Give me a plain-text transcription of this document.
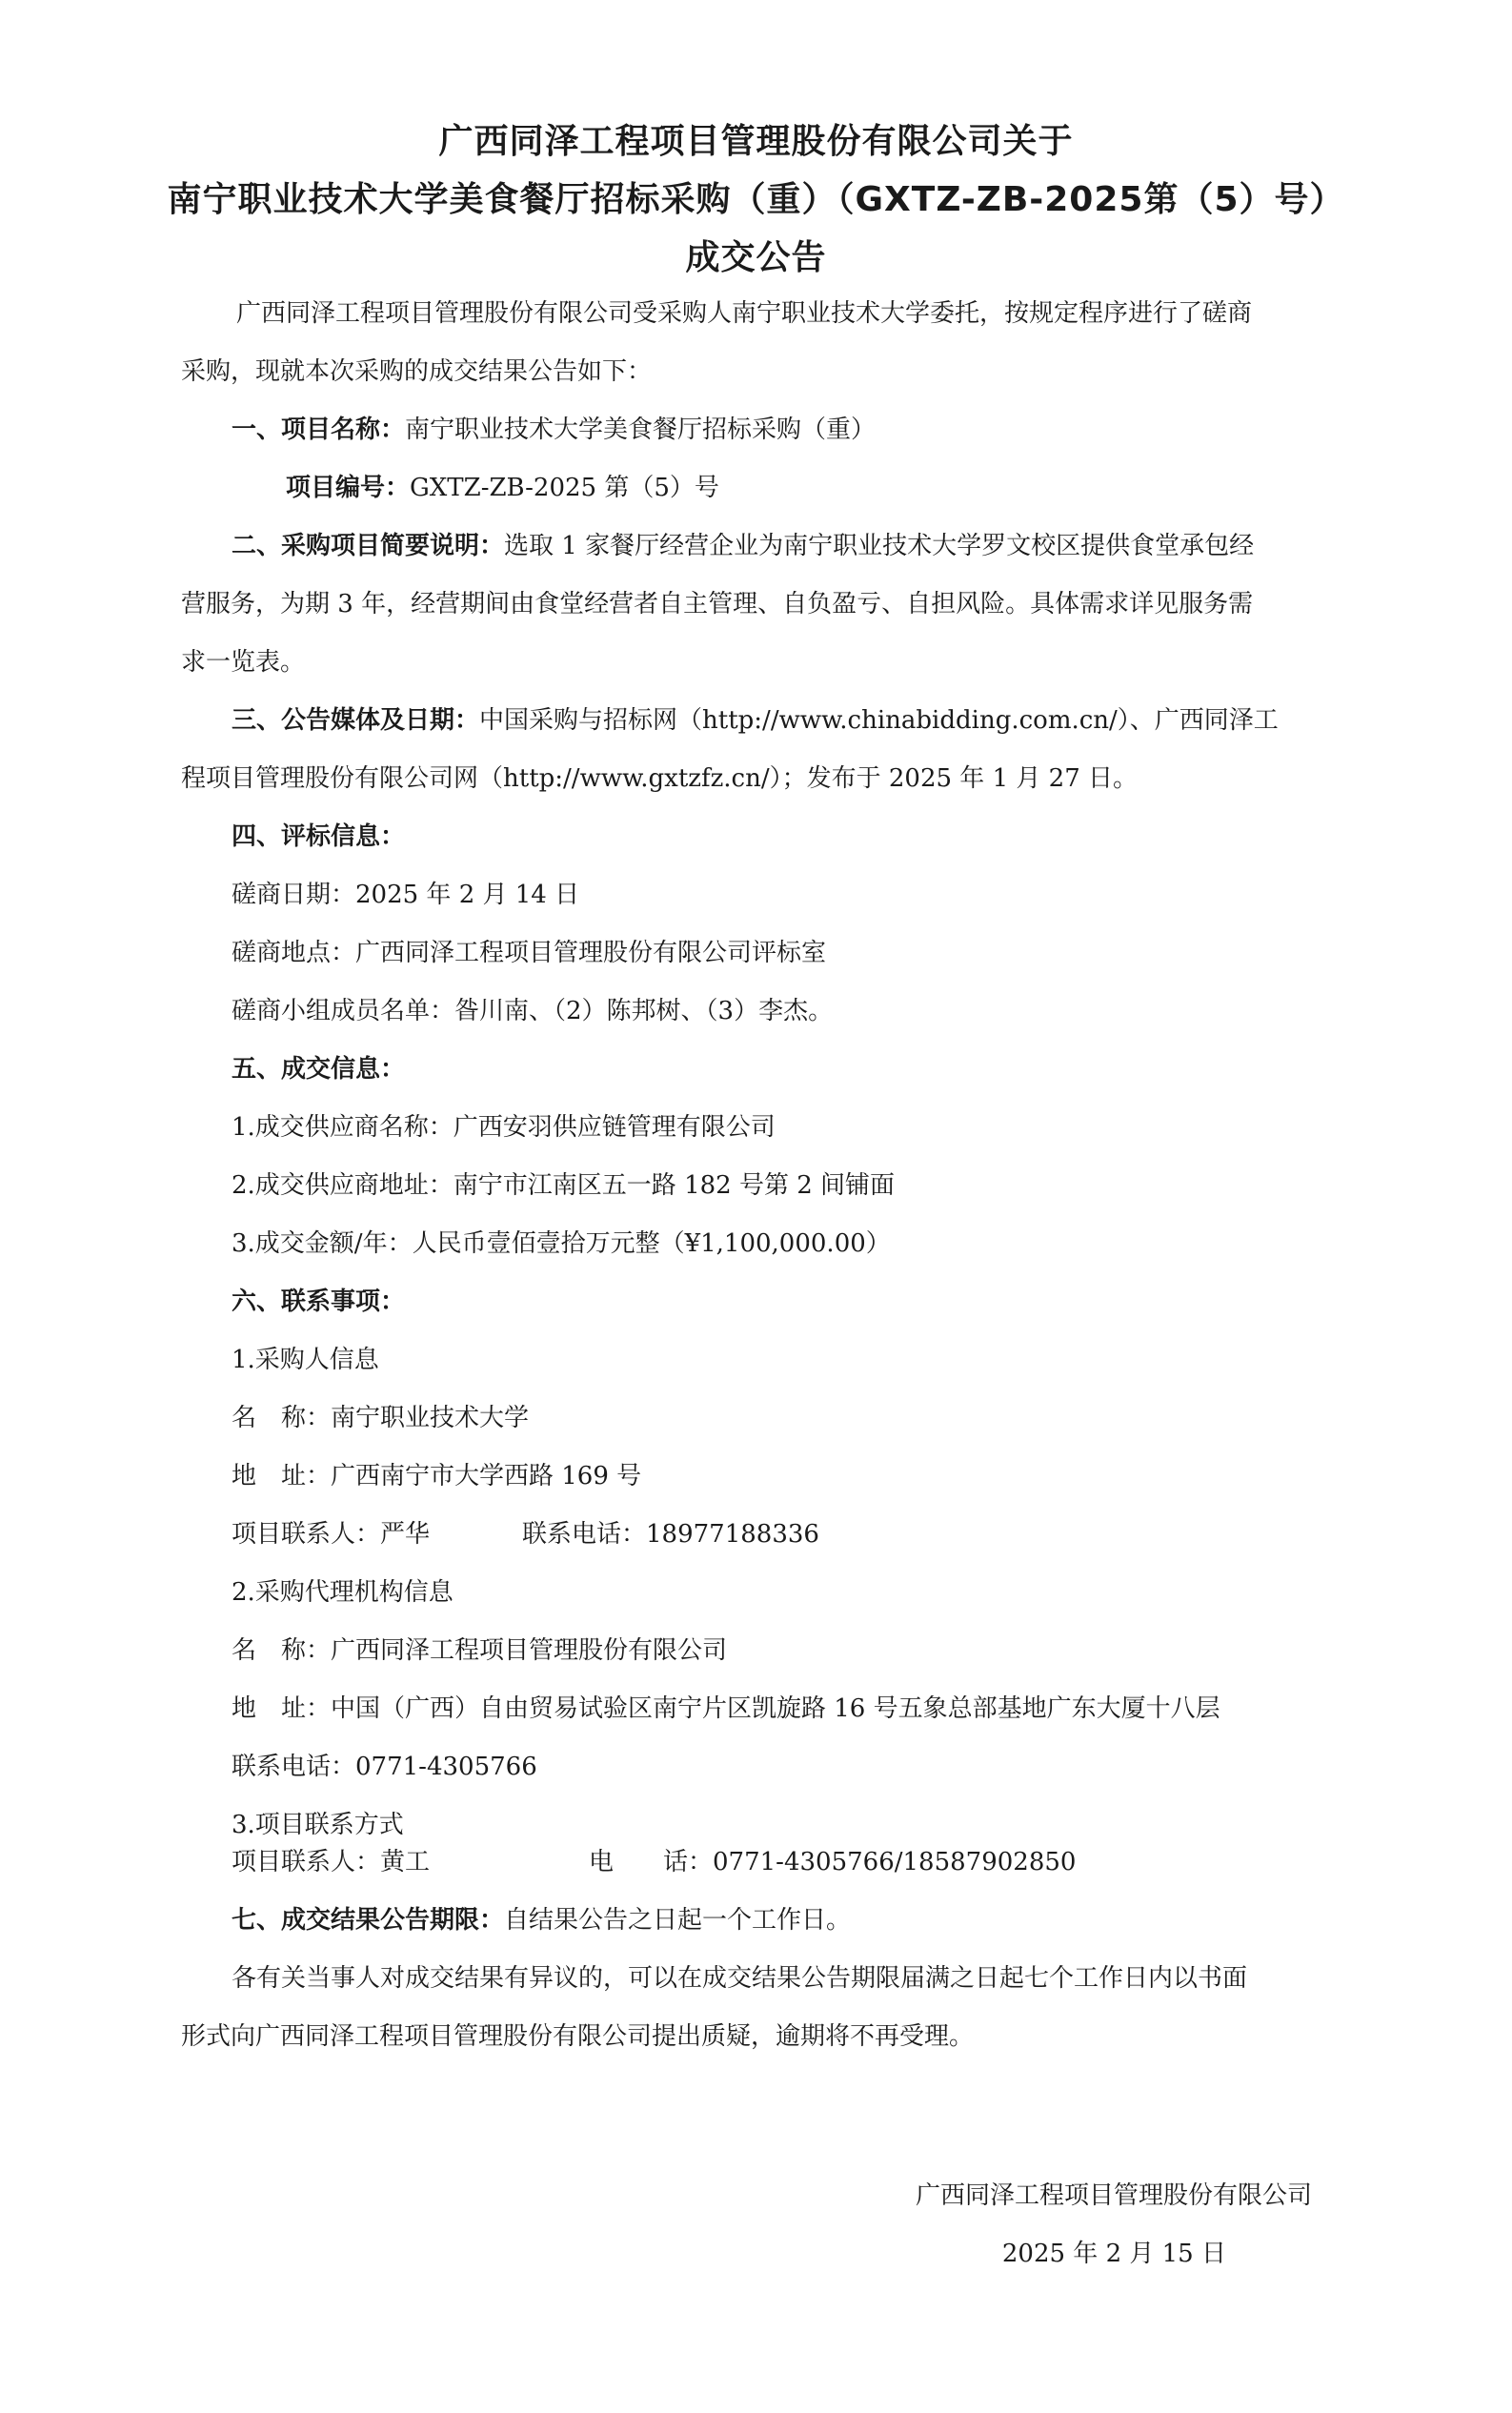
广西同泽工程项目管理股份有限公司关于
南宁职业技术大学美食餐厅招标采购（重）（GXTZ-ZB-2025第（5）号）
成交公告
广西同泽工程项目管理股份有限公司受采购人南宁职业技术大学委托，按规定程序进行了磋商
采购，现就本次采购的成交结果公告如下：
一、项目名称：南宁职业技术大学美食餐厅招标采购（重）
项目编号：GXTZ-ZB-2025 第（5）号
二、采购项目简要说明：选取 1 家餐厅经营企业为南宁职业技术大学罗文校区提供食堂承包经
营服务，为期 3 年，经营期间由食堂经营者自主管理、自负盈亏、自担风险。具体需求详见服务需
求一览表。
三、公告媒体及日期：中国采购与招标网（http://www.chinabidding.com.cn/）、广西同泽工
程项目管理股份有限公司网（http://www.gxtzfz.cn/）；发布于 2025 年 1 月 27 日。
四、评标信息：
磋商日期：2025 年 2 月 14 日
磋商地点：广西同泽工程项目管理股份有限公司评标室
磋商小组成员名单：昝川南、（2）陈邦树、（3）李杰。
五、成交信息：
1.成交供应商名称：广西安羽供应链管理有限公司
2.成交供应商地址：南宁市江南区五一路 182 号第 2 间铺面
3.成交金额/年：人民币壹佰壹拾万元整（¥1,100,000.00）
六、联系事项：
1.采购人信息
名　称：南宁职业技术大学
地　址：广西南宁市大学西路 169 号
项目联系人：严华	联系电话：18977188336
2.采购代理机构信息
名　称：广西同泽工程项目管理股份有限公司
地　址：中国（广西）自由贸易试验区南宁片区凯旋路 16 号五象总部基地广东大厦十八层
联系电话：0771-4305766
3.项目联系方式
项目联系人：黄工	电　　话：0771-4305766/18587902850
七、成交结果公告期限：自结果公告之日起一个工作日。
各有关当事人对成交结果有异议的，可以在成交结果公告期限届满之日起七个工作日内以书面
形式向广西同泽工程项目管理股份有限公司提出质疑，逾期将不再受理。
广西同泽工程项目管理股份有限公司
2025 年 2 月 15 日
